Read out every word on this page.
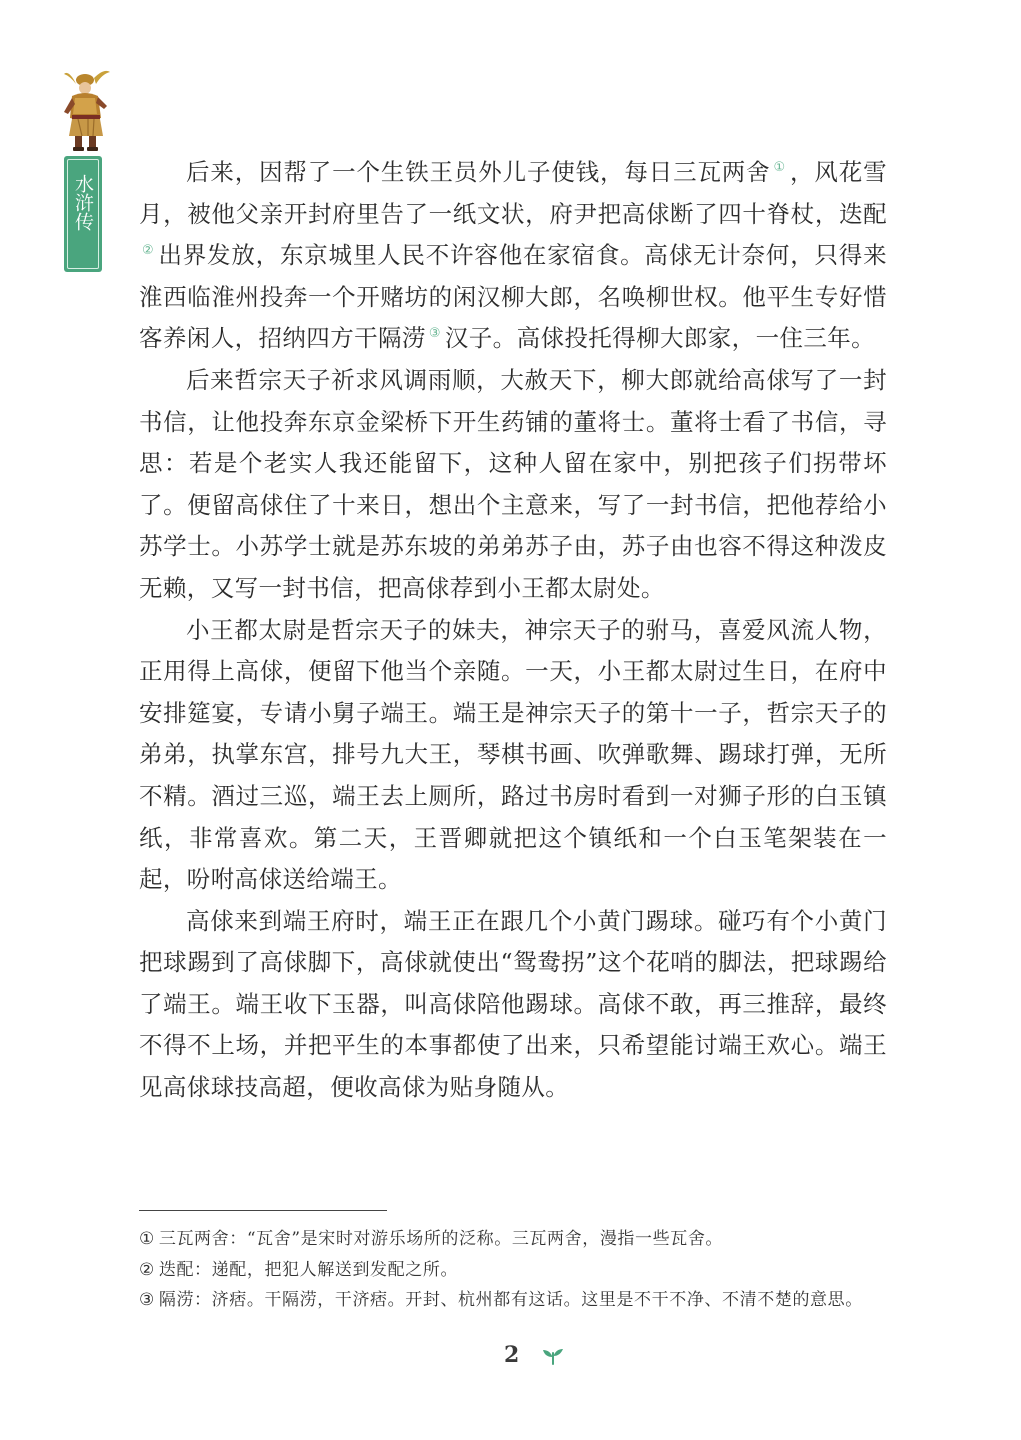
水浒传

后来，因帮了一个生铁王员外儿子使钱，每日三瓦两舍 ① ，风花雪月，被他父亲开封府里告了一纸文状，府尹把高俅断了四十脊杖，迭配② 出界发放，东京城里人民不许容他在家宿食。高俅无计奈何，只得来淮西临淮州投奔一个开赌坊的闲汉柳大郎，名唤柳世权。他平生专好惜客养闲人，招纳四方干隔涝 ③ 汉子。高俅投托得柳大郎家，一住三年。

后来哲宗天子祈求风调雨顺，大赦天下，柳大郎就给高俅写了一封书信，让他投奔东京金梁桥下开生药铺的董将士。董将士看了书信，寻思：若是个老实人我还能留下，这种人留在家中，别把孩子们拐带坏了。便留高俅住了十来日，想出个主意来，写了一封书信，把他荐给小苏学士。小苏学士就是苏东坡的弟弟苏子由，苏子由也容不得这种泼皮无赖，又写一封书信，把高俅荐到小王都太尉处。

小王都太尉是哲宗天子的妹夫，神宗天子的驸马，喜爱风流人物，正用得上高俅，便留下他当个亲随。一天，小王都太尉过生日，在府中安排筵宴，专请小舅子端王。端王是神宗天子的第十一子，哲宗天子的弟弟，执掌东宫，排号九大王，琴棋书画、吹弹歌舞、踢球打弹，无所不精。酒过三巡，端王去上厕所，路过书房时看到一对狮子形的白玉镇纸，非常喜欢。第二天，王晋卿就把这个镇纸和一个白玉笔架装在一起，吩咐高俅送给端王。

高俅来到端王府时，端王正在跟几个小黄门踢球。碰巧有个小黄门把球踢到了高俅脚下，高俅就使出“鸳鸯拐”这个花哨的脚法，把球踢给了端王。端王收下玉器，叫高俅陪他踢球。高俅不敢，再三推辞，最终不得不上场，并把平生的本事都使了出来，只希望能讨端王欢心。端王见高俅球技高超，便收高俅为贴身随从。

① 三瓦两舍：“瓦舍”是宋时对游乐场所的泛称。三瓦两舍，漫指一些瓦舍。

② 迭配：递配，把犯人解送到发配之所。

③ 隔涝：济痞。干隔涝，干济痞。开封、杭州都有这话。这里是不干不净、不清不楚的意思。

2
